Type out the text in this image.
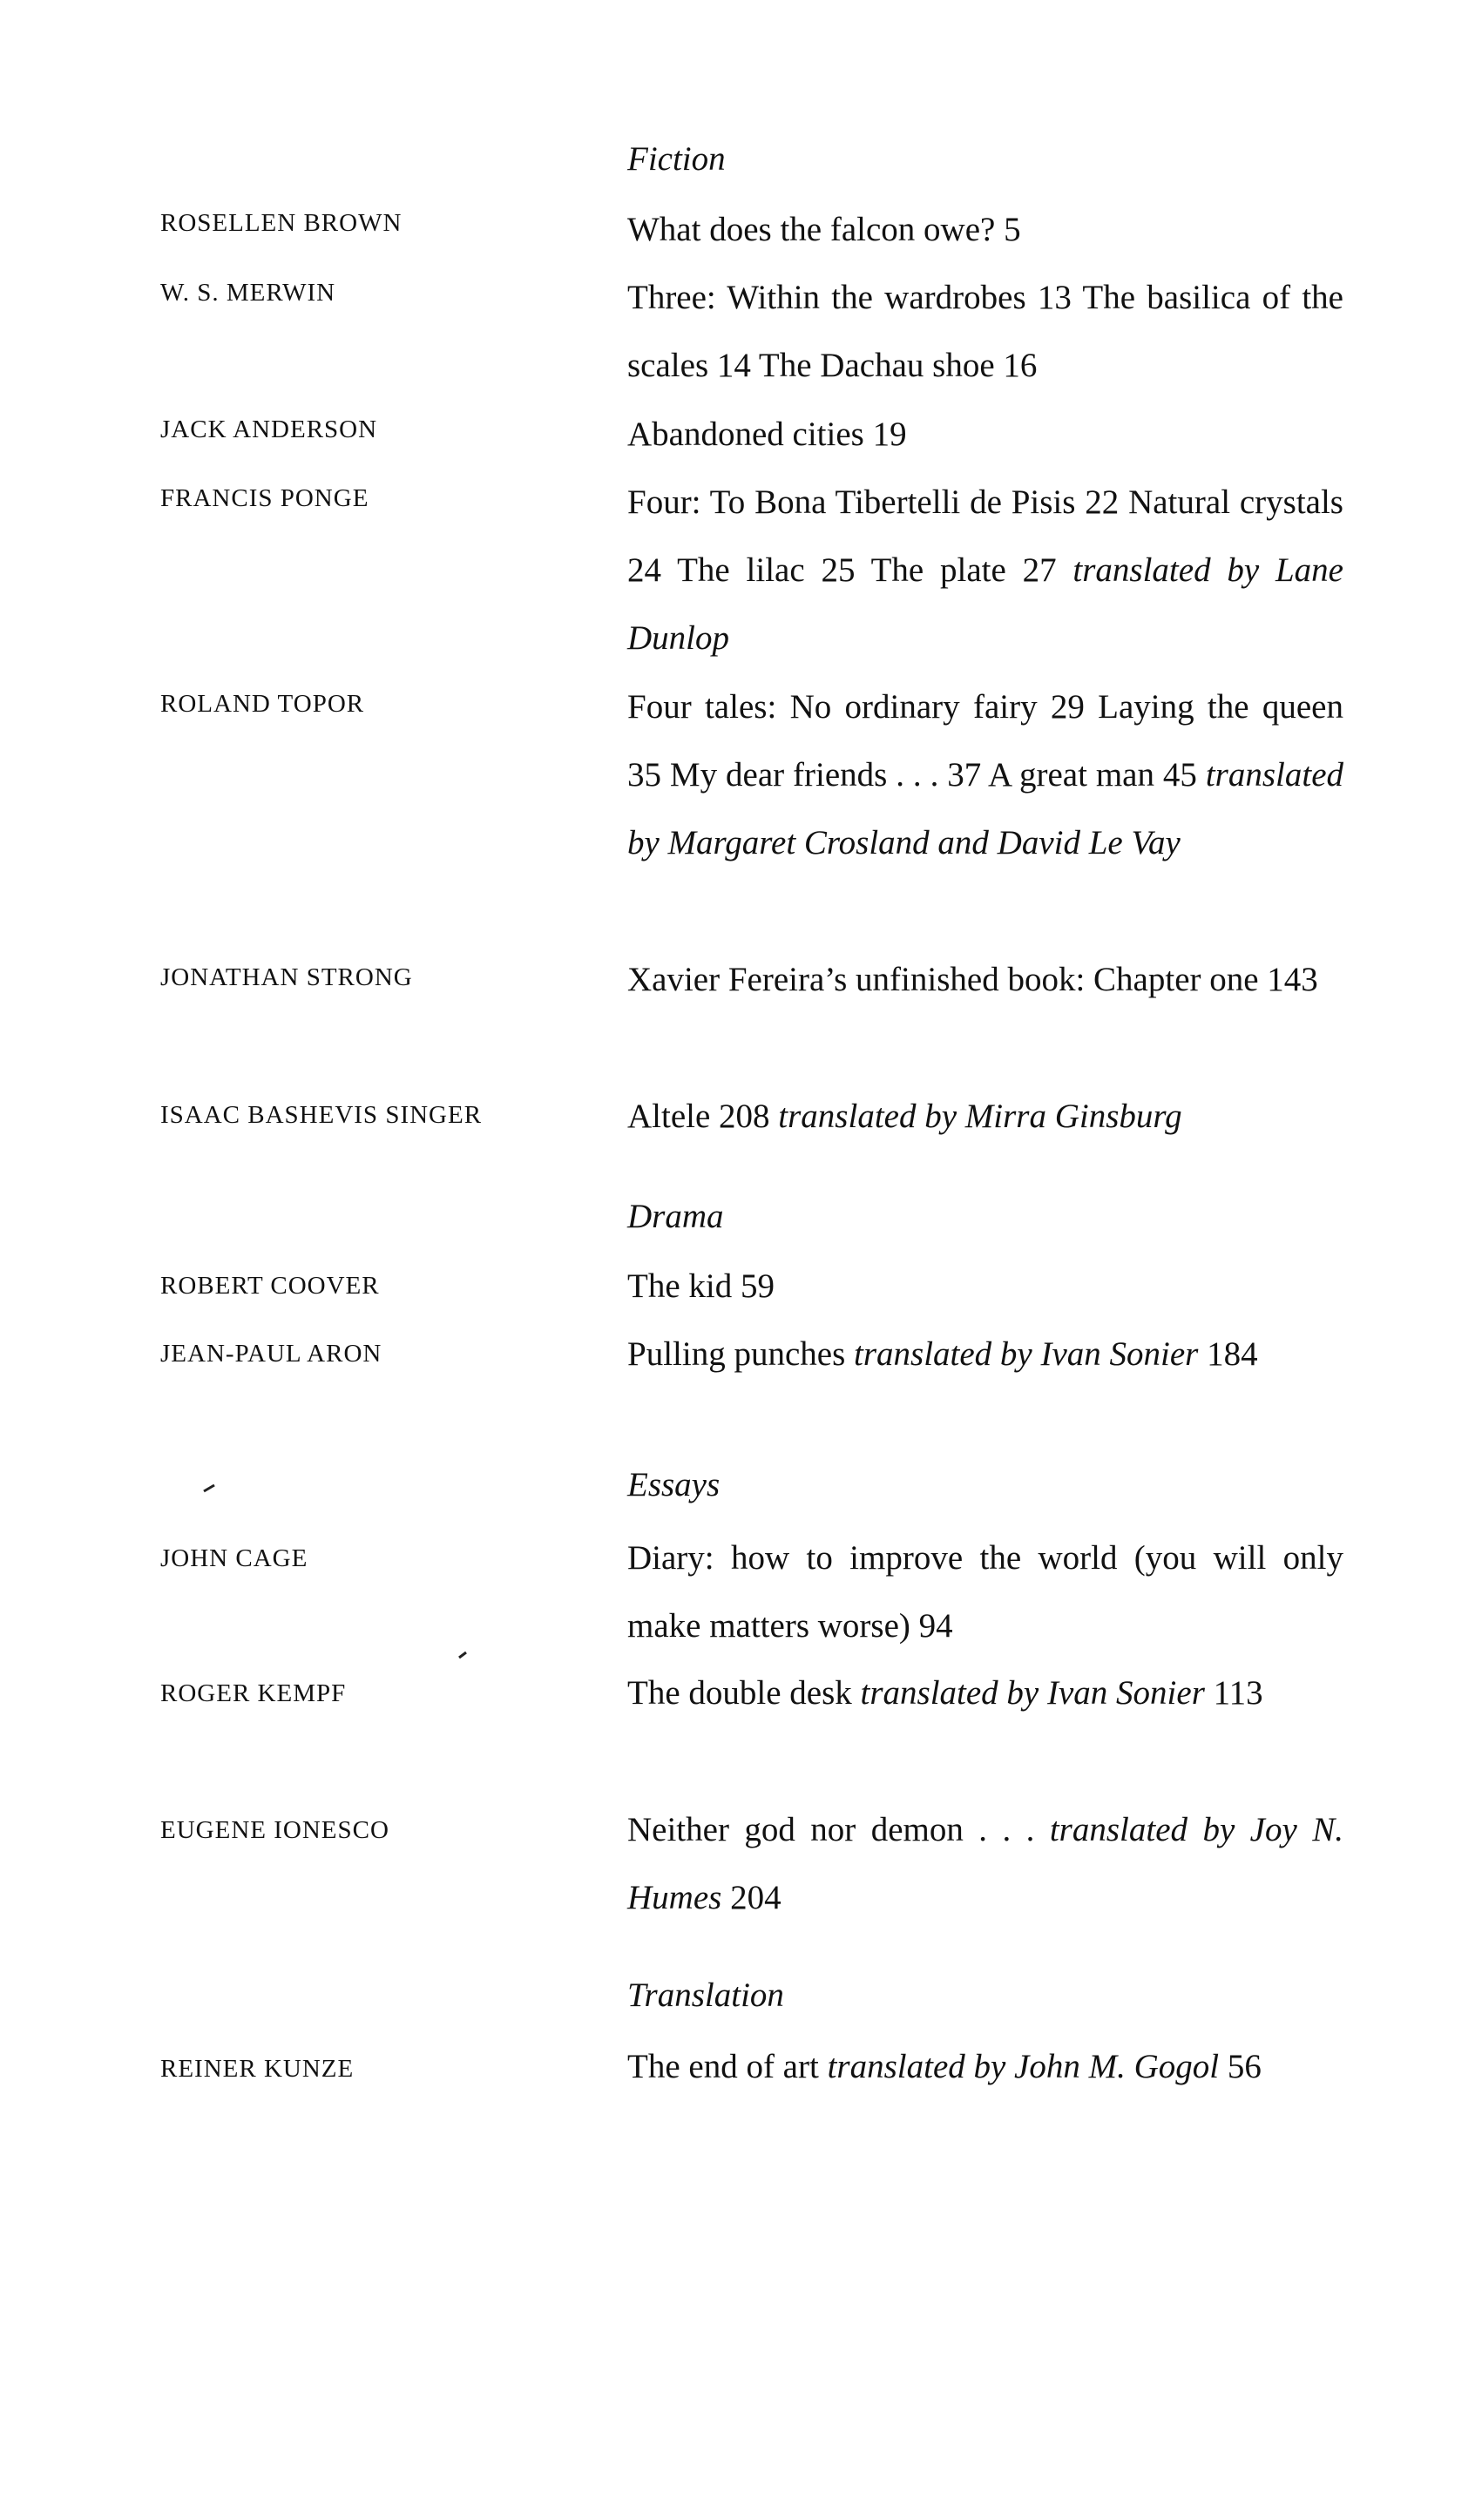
Fiction
ROSELLEN BROWN	What does the falcon owe? 5

W. S. MERWIN	Three: Within the wardrobes 13 The basilica of the scales 14 The Dachau shoe 16

JACK ANDERSON	Abandoned cities 19

FRANCIS PONGE	Four: To Bona Tibertelli de Pisis 22 Natural crystals 24 The lilac 25 The plate 27 translated by Lane Dunlop

ROLAND TOPOR	Four tales: No ordinary fairy 29 Laying the queen 35 My dear friends . . . 37 A great man 45 translated by Margaret Crosland and David Le Vay

JONATHAN STRONG	Xavier Fereira’s unfinished book: Chapter one 143

ISAAC BASHEVIS SINGER	Altele 208 translated by Mirra Ginsburg

Drama
ROBERT COOVER	The kid 59

JEAN-PAUL ARON	Pulling punches translated by Ivan Sonier 184

Essays
JOHN CAGE	Diary: how to improve the world (you will only make matters worse) 94

ROGER KEMPF	The double desk translated by Ivan Sonier 113

EUGENE IONESCO	Neither god nor demon . . . translated by Joy N. Humes 204

Translation
REINER KUNZE	The end of art translated by John M. Gogol 56
